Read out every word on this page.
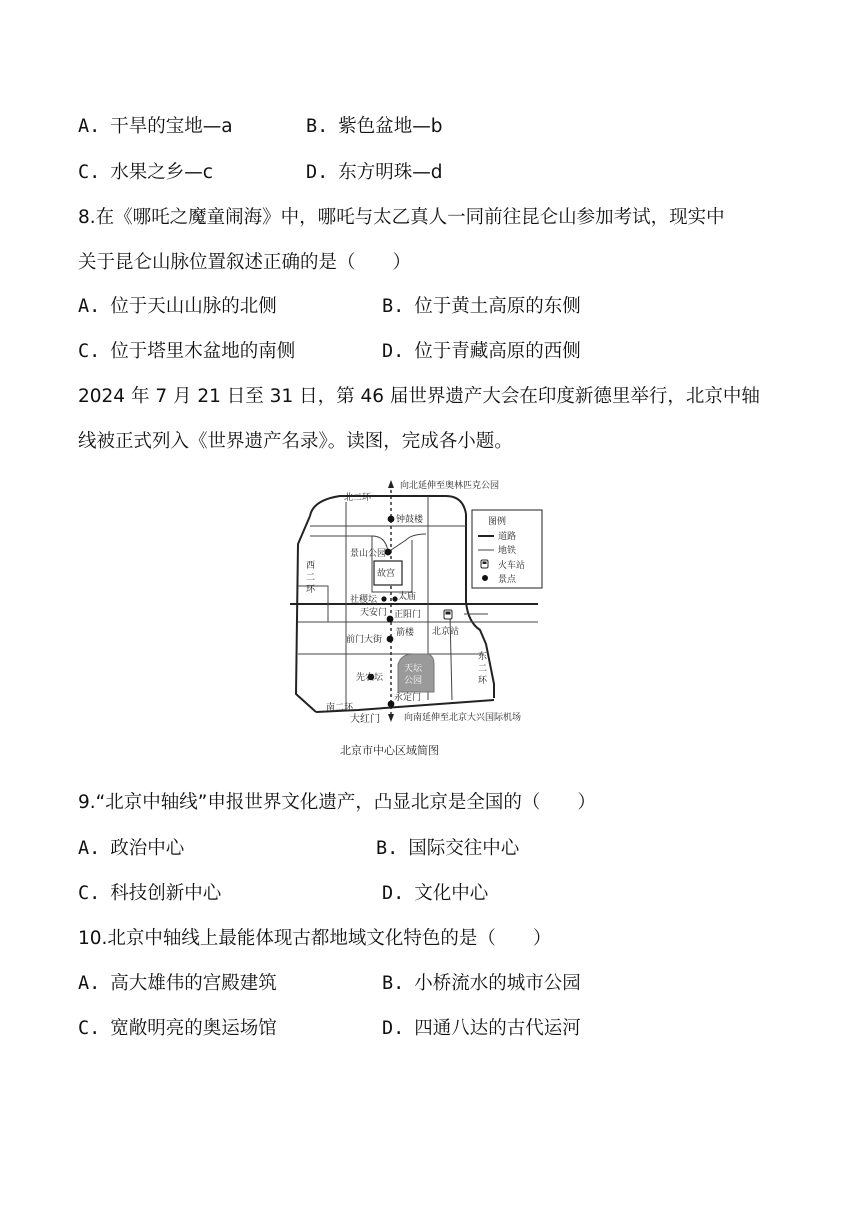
A. 干旱的宝地—a	B. 紫色盆地—b
C. 水果之乡—c	D. 东方明珠—d
8.在《哪吒之魔童闹海》中，哪吒与太乙真人一同前往昆仑山参加考试，现实中
关于昆仑山脉位置叙述正确的是（　　）
A. 位于天山山脉的北侧	B. 位于黄土高原的东侧
C. 位于塔里木盆地的南侧	D. 位于青藏高原的西侧
2024 年 7 月 21 日至 31 日，第 46 届世界遗产大会在印度新德里举行，北京中轴
线被正式列入《世界遗产名录》。读图，完成各小题。
向北延伸至奥林匹克公园
北二环
钟鼓楼
景山公园
故宫
社稷坛 太庙
天安门 正阳门
箭楼 北京站
前门大街
天坛
公园
先农坛
永定门
南二环
向南延伸至北京大兴国际机场
西
二
环
东
二
环
大红门
图例
道路
地铁
火车站
景点
北京市中心区域简图
9.“北京中轴线”申报世界文化遗产，凸显北京是全国的（　　）
A. 政治中心	B. 国际交往中心
C. 科技创新中心	D. 文化中心
10.北京中轴线上最能体现古都地域文化特色的是（　　）
A. 高大雄伟的宫殿建筑	B. 小桥流水的城市公园
C. 宽敞明亮的奥运场馆	D. 四通八达的古代运河
